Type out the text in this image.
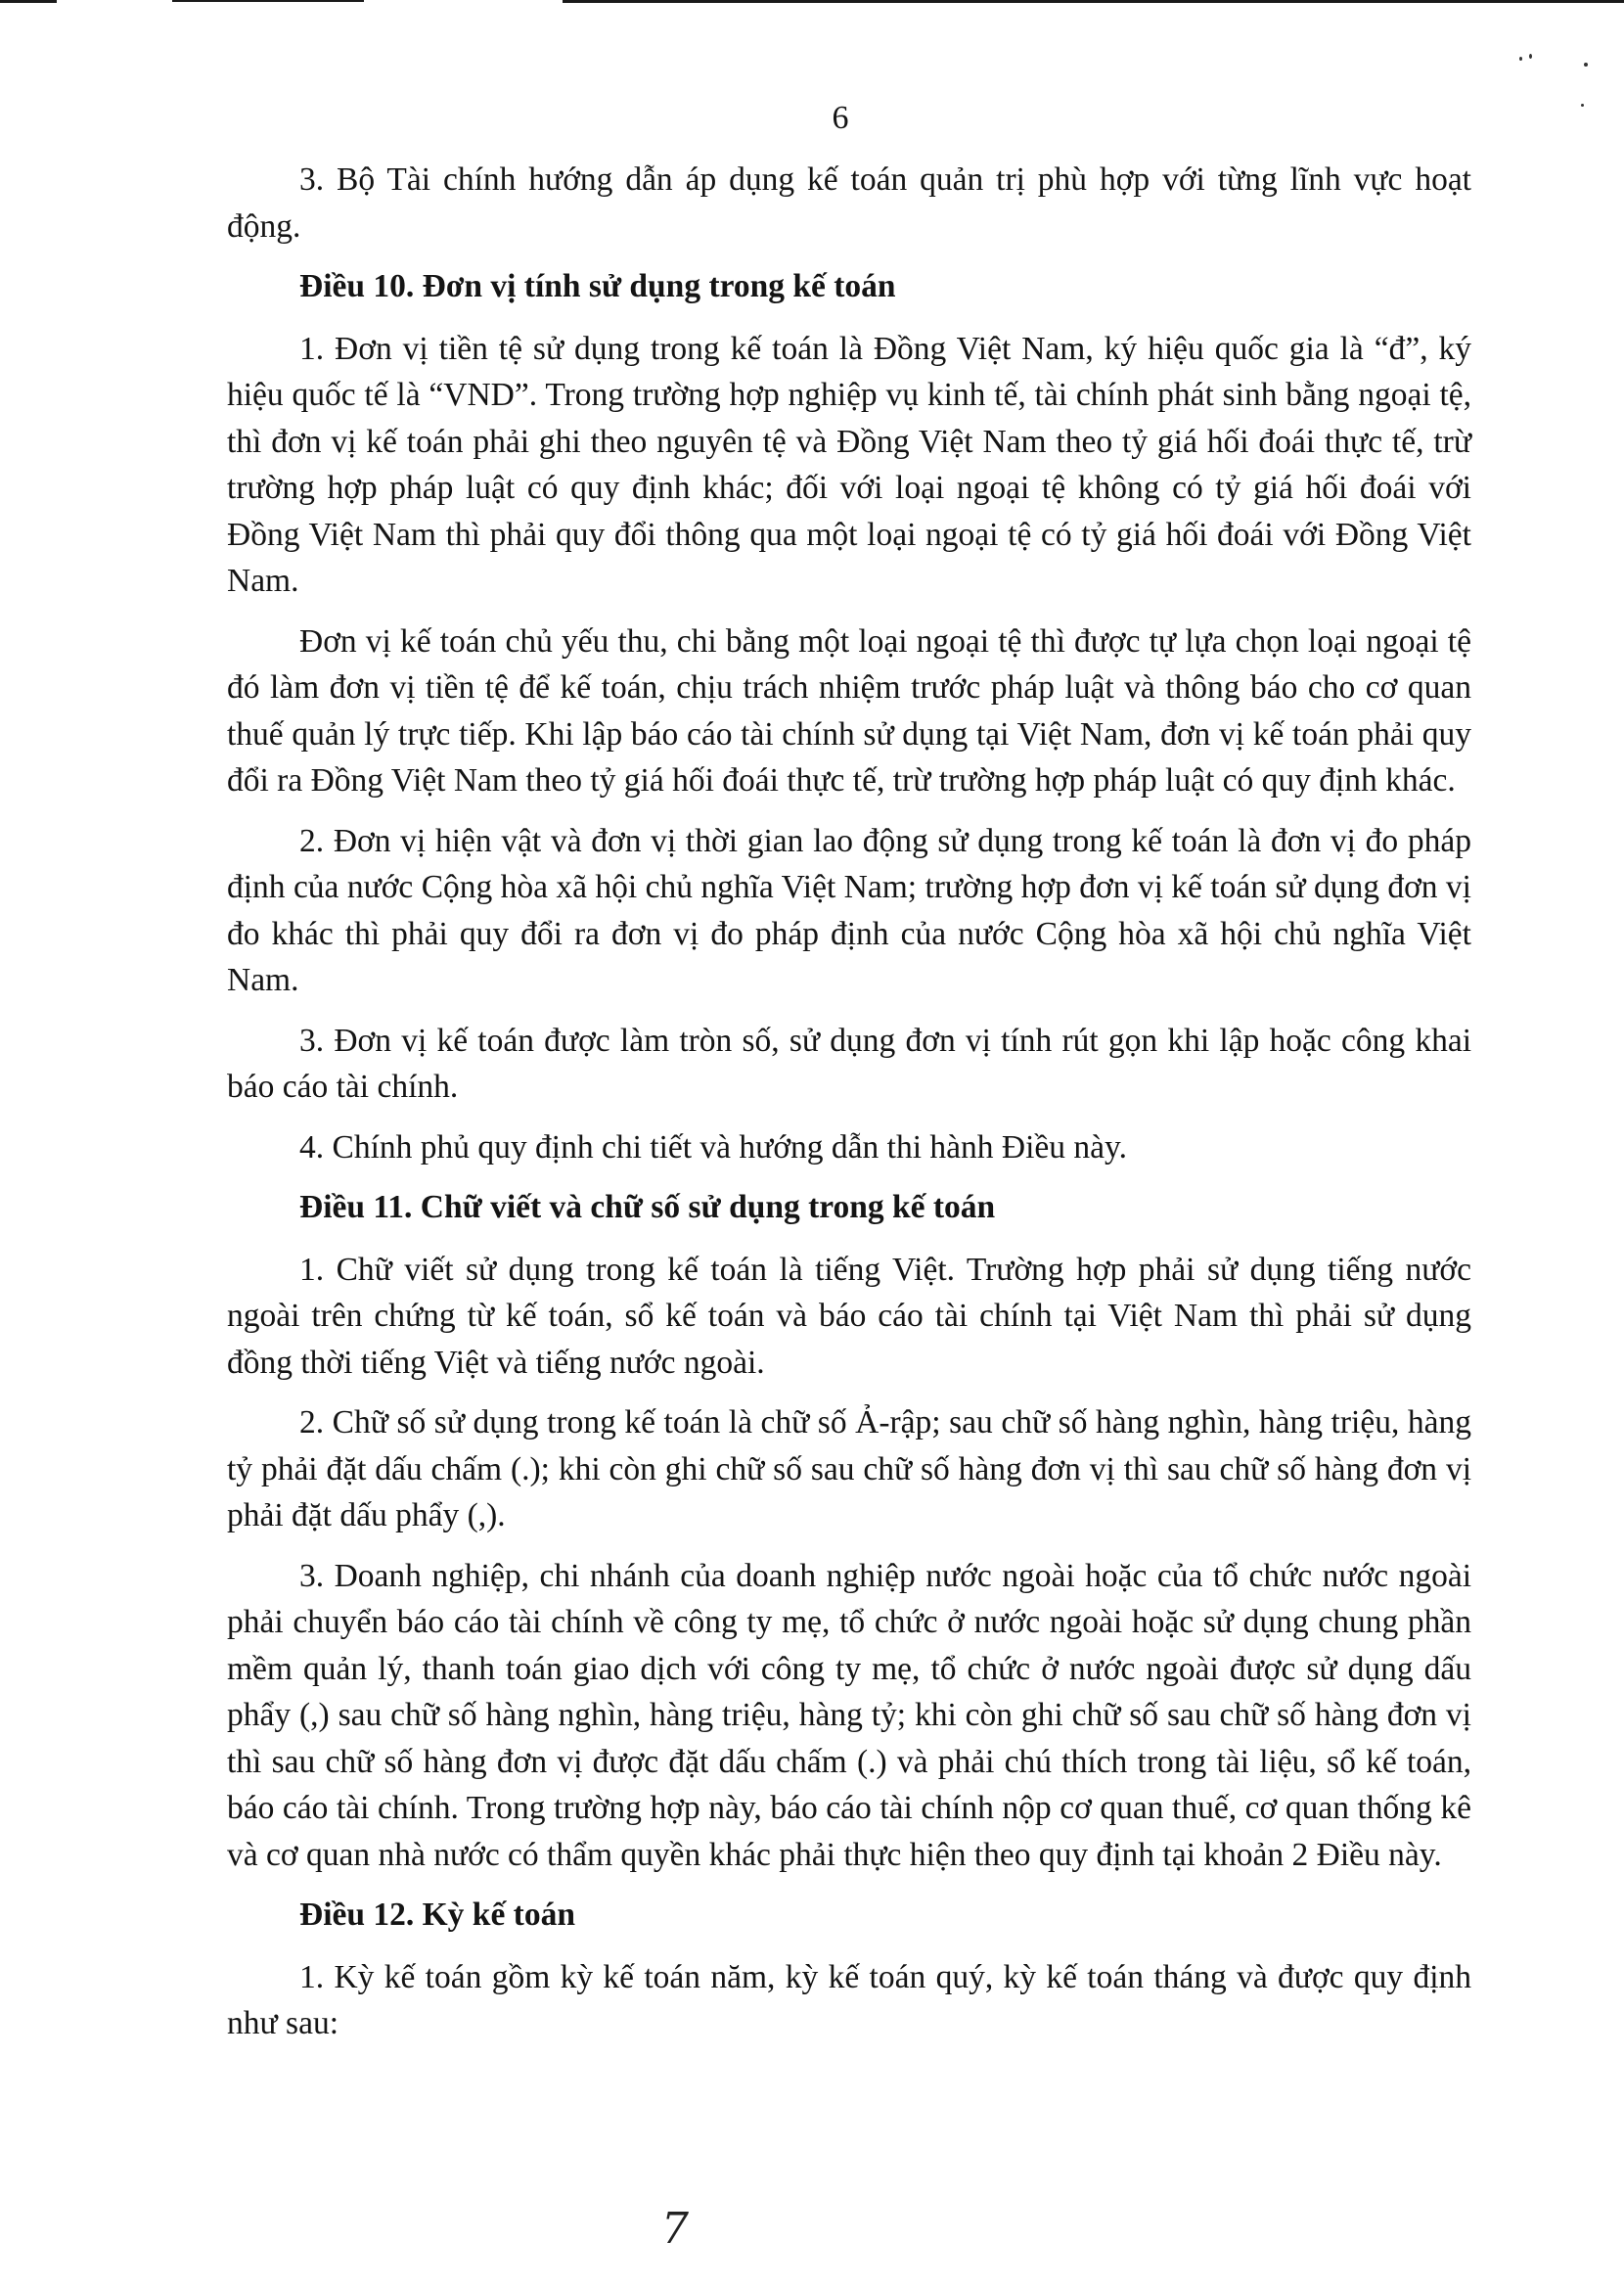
6

3. Bộ Tài chính hướng dẫn áp dụng kế toán quản trị phù hợp với từng lĩnh vực hoạt động.

Điều 10. Đơn vị tính sử dụng trong kế toán

1. Đơn vị tiền tệ sử dụng trong kế toán là Đồng Việt Nam, ký hiệu quốc gia là “đ”, ký hiệu quốc tế là “VND”. Trong trường hợp nghiệp vụ kinh tế, tài chính phát sinh bằng ngoại tệ, thì đơn vị kế toán phải ghi theo nguyên tệ và Đồng Việt Nam theo tỷ giá hối đoái thực tế, trừ trường hợp pháp luật có quy định khác; đối với loại ngoại tệ không có tỷ giá hối đoái với Đồng Việt Nam thì phải quy đổi thông qua một loại ngoại tệ có tỷ giá hối đoái với Đồng Việt Nam.

Đơn vị kế toán chủ yếu thu, chi bằng một loại ngoại tệ thì được tự lựa chọn loại ngoại tệ đó làm đơn vị tiền tệ để kế toán, chịu trách nhiệm trước pháp luật và thông báo cho cơ quan thuế quản lý trực tiếp. Khi lập báo cáo tài chính sử dụng tại Việt Nam, đơn vị kế toán phải quy đổi ra Đồng Việt Nam theo tỷ giá hối đoái thực tế, trừ trường hợp pháp luật có quy định khác.

2. Đơn vị hiện vật và đơn vị thời gian lao động sử dụng trong kế toán là đơn vị đo pháp định của nước Cộng hòa xã hội chủ nghĩa Việt Nam; trường hợp đơn vị kế toán sử dụng đơn vị đo khác thì phải quy đổi ra đơn vị đo pháp định của nước Cộng hòa xã hội chủ nghĩa Việt Nam.

3. Đơn vị kế toán được làm tròn số, sử dụng đơn vị tính rút gọn khi lập hoặc công khai báo cáo tài chính.

4. Chính phủ quy định chi tiết và hướng dẫn thi hành Điều này.

Điều 11. Chữ viết và chữ số sử dụng trong kế toán

1. Chữ viết sử dụng trong kế toán là tiếng Việt. Trường hợp phải sử dụng tiếng nước ngoài trên chứng từ kế toán, sổ kế toán và báo cáo tài chính tại Việt Nam thì phải sử dụng đồng thời tiếng Việt và tiếng nước ngoài.

2. Chữ số sử dụng trong kế toán là chữ số Ả-rập; sau chữ số hàng nghìn, hàng triệu, hàng tỷ phải đặt dấu chấm (.); khi còn ghi chữ số sau chữ số hàng đơn vị thì sau chữ số hàng đơn vị phải đặt dấu phẩy (,).

3. Doanh nghiệp, chi nhánh của doanh nghiệp nước ngoài hoặc của tổ chức nước ngoài phải chuyển báo cáo tài chính về công ty mẹ, tổ chức ở nước ngoài hoặc sử dụng chung phần mềm quản lý, thanh toán giao dịch với công ty mẹ, tổ chức ở nước ngoài được sử dụng dấu phẩy (,) sau chữ số hàng nghìn, hàng triệu, hàng tỷ; khi còn ghi chữ số sau chữ số hàng đơn vị thì sau chữ số hàng đơn vị được đặt dấu chấm (.) và phải chú thích trong tài liệu, sổ kế toán, báo cáo tài chính. Trong trường hợp này, báo cáo tài chính nộp cơ quan thuế, cơ quan thống kê và cơ quan nhà nước có thẩm quyền khác phải thực hiện theo quy định tại khoản 2 Điều này.

Điều 12. Kỳ kế toán

1. Kỳ kế toán gồm kỳ kế toán năm, kỳ kế toán quý, kỳ kế toán tháng và được quy định như sau:

7
